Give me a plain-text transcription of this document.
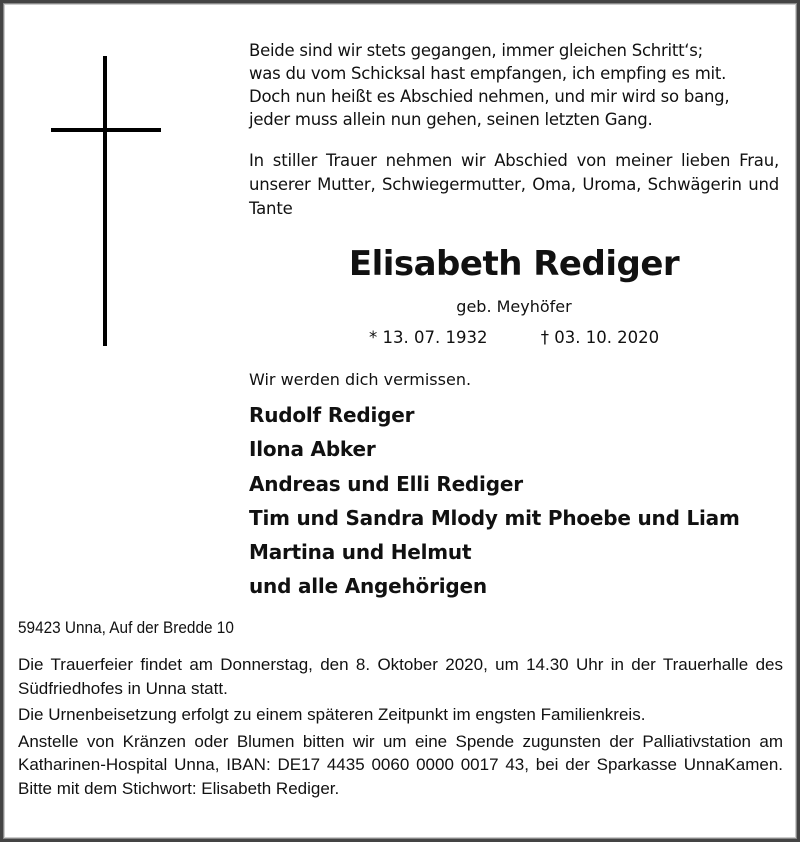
Beide sind wir stets gegangen, immer gleichen Schritt‘s;
was du vom Schicksal hast empfangen, ich empfing es mit.
Doch nun heißt es Abschied nehmen, und mir wird so bang,
jeder muss allein nun gehen, seinen letzten Gang.
In stiller Trauer nehmen wir Abschied von meiner lieben Frau, unserer Mutter, Schwiegermutter, Oma, Uroma, Schwägerin und Tante
Elisabeth Rediger
geb. Meyhöfer
* 13. 07. 1932	† 03. 10. 2020
Wir werden dich vermissen.
Rudolf Rediger
Ilona Abker
Andreas und Elli Rediger
Tim und Sandra Mlody mit Phoebe und Liam
Martina und Helmut
und alle Angehörigen
59423 Unna, Auf der Bredde 10

Die Trauerfeier findet am Donnerstag, den 8. Oktober 2020, um 14.30 Uhr in der Trauerhalle des Südfriedhofes in Unna statt.

Die Urnenbeisetzung erfolgt zu einem späteren Zeitpunkt im engsten Familienkreis.

Anstelle von Kränzen oder Blumen bitten wir um eine Spende zugunsten der Palliativstation am Katharinen-Hospital Unna, IBAN: DE17 4435 0060 0000 0017 43, bei der Sparkasse UnnaKamen. Bitte mit dem Stichwort: Elisabeth Rediger.
